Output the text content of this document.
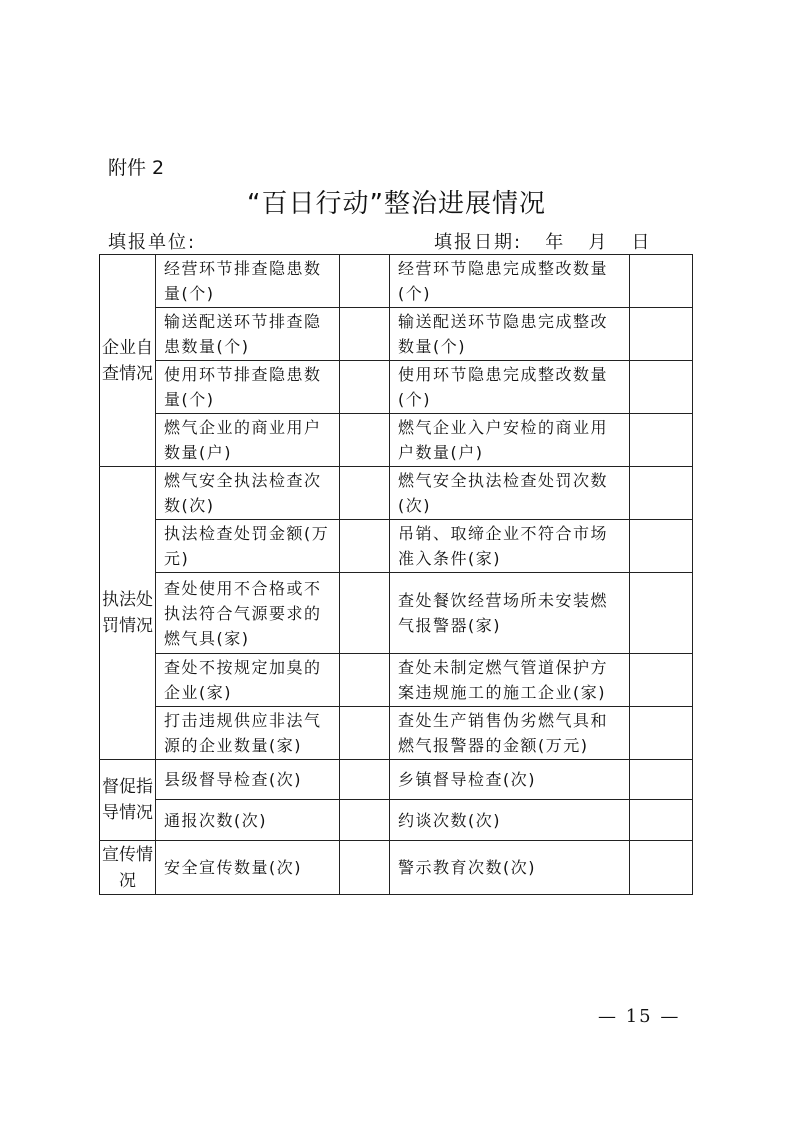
附件 2
“百日行动”整治进展情况
填报单位:	填报日期:   年   月   日
企业自查情况	经营环节排查隐患数量(个)		经营环节隐患完成整改数量(个)	
	输送配送环节排查隐患数量(个)		输送配送环节隐患完成整改数量(个)	
	使用环节排查隐患数量(个)		使用环节隐患完成整改数量(个)	
	燃气企业的商业用户数量(户)		燃气企业入户安检的商业用户数量(户)	
执法处罚情况	燃气安全执法检查次数(次)		燃气安全执法检查处罚次数(次)	
	执法检查处罚金额(万元)		吊销、取缔企业不符合市场准入条件(家)	
	查处使用不合格或不执法符合气源要求的燃气具(家)		查处餐饮经营场所未安装燃气报警器(家)	
	查处不按规定加臭的企业(家)		查处未制定燃气管道保护方案违规施工的施工企业(家)	
	打击违规供应非法气源的企业数量(家)		查处生产销售伪劣燃气具和燃气报警器的金额(万元)	
督促指导情况	县级督导检查(次)		乡镇督导检查(次)	
	通报次数(次)		约谈次数(次)	
宣传情况	安全宣传数量(次)		警示教育次数(次)	
— 15 —
